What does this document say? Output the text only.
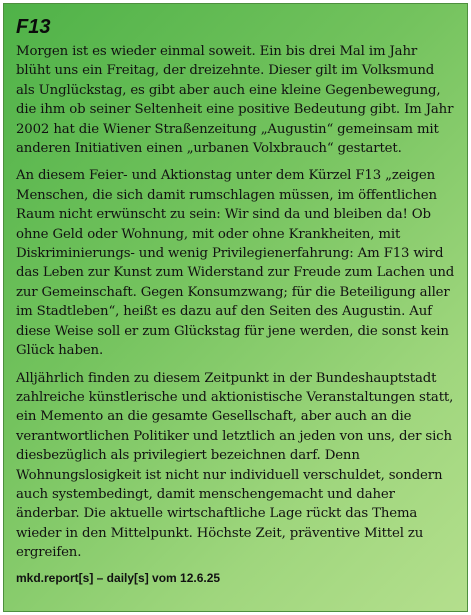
F13

Morgen ist es wieder einmal soweit. Ein bis drei Mal im Jahr blüht uns ein Freitag, der dreizehnte. Dieser gilt im Volksmund als Unglückstag, es gibt aber auch eine kleine Gegenbewegung, die ihm ob seiner Seltenheit eine positive Bedeutung gibt. Im Jahr 2002 hat die Wiener Straßenzeitung „Augustin“ gemeinsam mit anderen Initiativen einen „urbanen Volxbrauch“ gestartet.

An diesem Feier- und Aktionstag unter dem Kürzel F13 „zeigen Menschen, die sich damit rumschlagen müssen, im öffentlichen Raum nicht erwünscht zu sein: Wir sind da und bleiben da! Ob ohne Geld oder Wohnung, mit oder ohne Krankheiten, mit Diskriminierungs- und wenig Privilegienerfahrung: Am F13 wird das Leben zur Kunst zum Widerstand zur Freude zum Lachen und zur Gemeinschaft. Gegen Konsumzwang; für die Beteiligung aller im Stadtleben“, heißt es dazu auf den Seiten des Augustin. Auf diese Weise soll er zum Glückstag für jene werden, die sonst kein Glück haben.

Alljährlich finden zu diesem Zeitpunkt in der Bundeshauptstadt zahlreiche künstlerische und aktionistische Veranstaltungen statt, ein Memento an die gesamte Gesellschaft, aber auch an die verantwortlichen Politiker und letztlich an jeden von uns, der sich diesbezüglich als privilegiert bezeichnen darf. Denn Wohnungslosigkeit ist nicht nur individuell verschuldet, sondern auch systembedingt, damit menschengemacht und daher änderbar. Die aktuelle wirtschaftliche Lage rückt das Thema wieder in den Mittelpunkt. Höchste Zeit, präventive Mittel zu ergreifen.

mkd.report[s] – daily[s] vom 12.6.25
